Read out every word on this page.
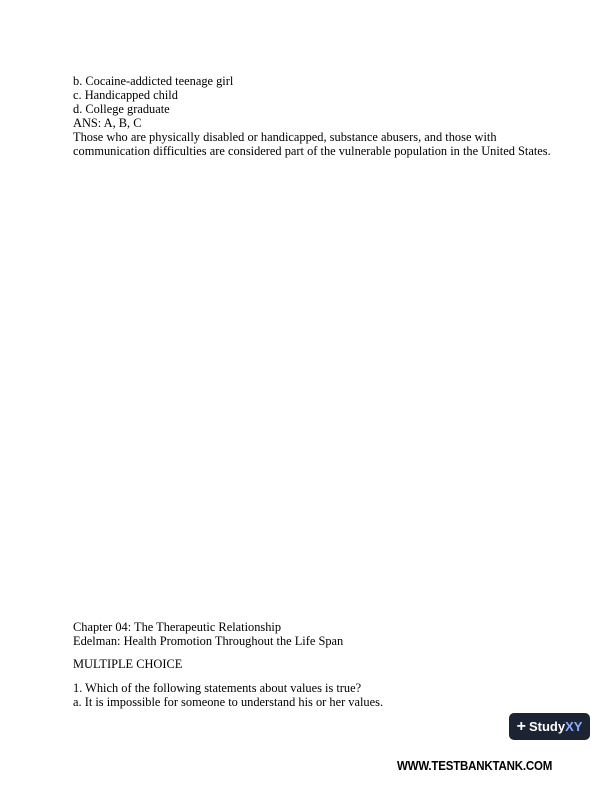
b. Cocaine-addicted teenage girl
c. Handicapped child
d. College graduate
ANS: A, B, C
Those who are physically disabled or handicapped, substance abusers, and those with
communication difficulties are considered part of the vulnerable population in the United States.
Chapter 04: The Therapeutic Relationship
Edelman: Health Promotion Throughout the Life Span
MULTIPLE CHOICE
1. Which of the following statements about values is true?
a. It is impossible for someone to understand his or her values.
+ Study XY
WWW.TESTBANKTANK.COM
